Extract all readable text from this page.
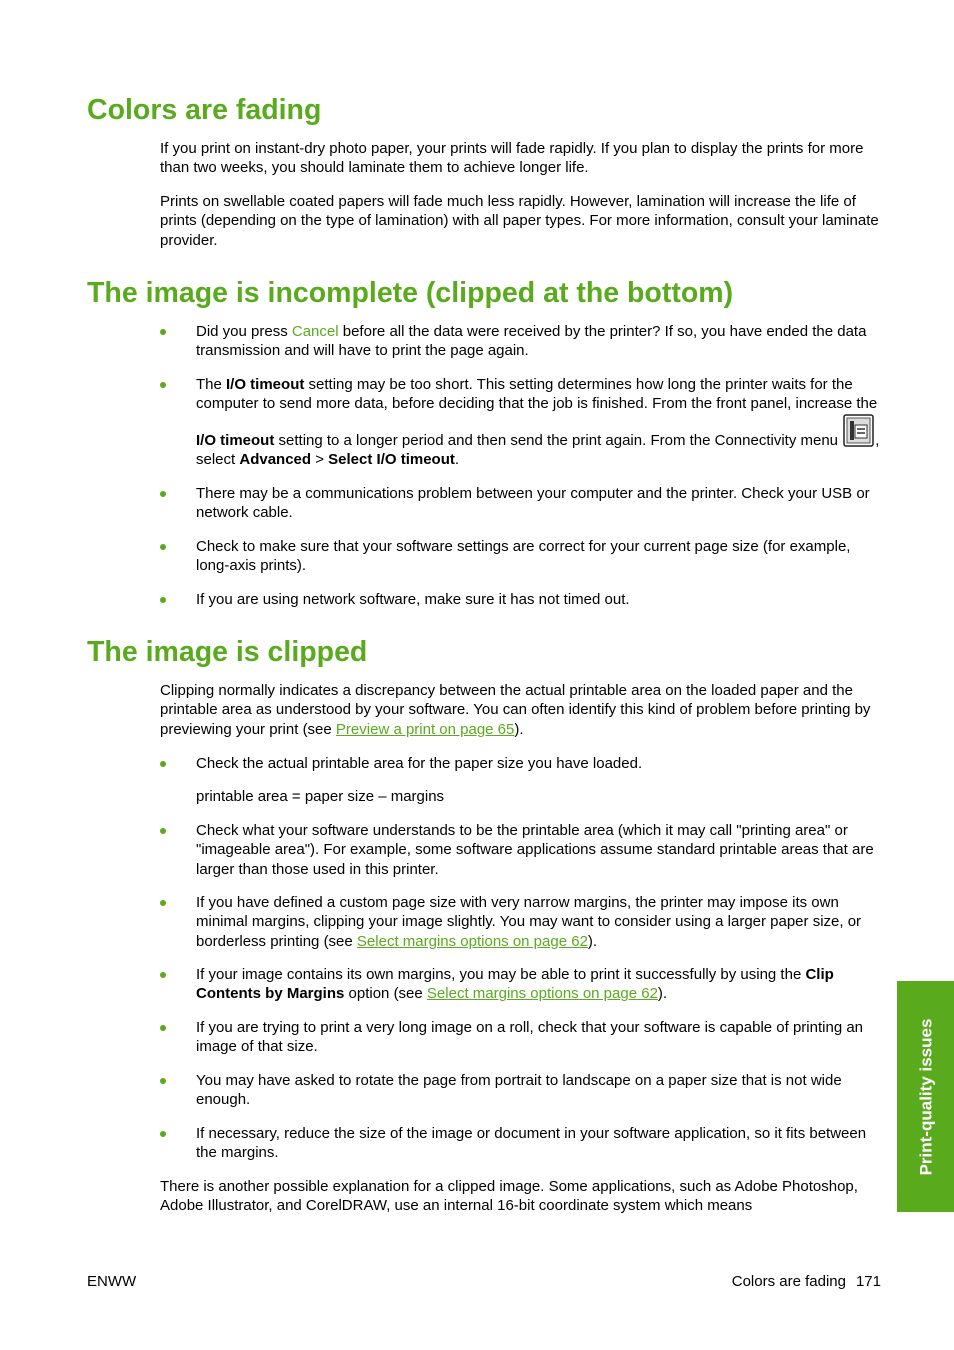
Colors are fading

If you print on instant-dry photo paper, your prints will fade rapidly. If you plan to display the prints for more than two weeks, you should laminate them to achieve longer life.

Prints on swellable coated papers will fade much less rapidly. However, lamination will increase the life of prints (depending on the type of lamination) with all paper types. For more information, consult your laminate provider.

The image is incomplete (clipped at the bottom)

Did you press Cancel before all the data were received by the printer? If so, you have ended the data transmission and will have to print the page again.

The I/O timeout setting may be too short. This setting determines how long the printer waits for the computer to send more data, before deciding that the job is finished. From the front panel, increase the I/O timeout setting to a longer period and then send the print again. From the Connectivity menu , select Advanced > Select I/O timeout.

There may be a communications problem between your computer and the printer. Check your USB or network cable.

Check to make sure that your software settings are correct for your current page size (for example, long-axis prints).

If you are using network software, make sure it has not timed out.

The image is clipped

Clipping normally indicates a discrepancy between the actual printable area on the loaded paper and the printable area as understood by your software. You can often identify this kind of problem before printing by previewing your print (see Preview a print on page 65).

Check the actual printable area for the paper size you have loaded.

printable area = paper size – margins

Check what your software understands to be the printable area (which it may call "printing area" or "imageable area"). For example, some software applications assume standard printable areas that are larger than those used in this printer.

If you have defined a custom page size with very narrow margins, the printer may impose its own minimal margins, clipping your image slightly. You may want to consider using a larger paper size, or borderless printing (see Select margins options on page 62).

If your image contains its own margins, you may be able to print it successfully by using the Clip Contents by Margins option (see Select margins options on page 62).

If you are trying to print a very long image on a roll, check that your software is capable of printing an image of that size.

You may have asked to rotate the page from portrait to landscape on a paper size that is not wide enough.

If necessary, reduce the size of the image or document in your software application, so it fits between the margins.

There is another possible explanation for a clipped image. Some applications, such as Adobe Photoshop, Adobe Illustrator, and CorelDRAW, use an internal 16-bit coordinate system which means

Print-quality issues
ENWW	Colors are fading 171
